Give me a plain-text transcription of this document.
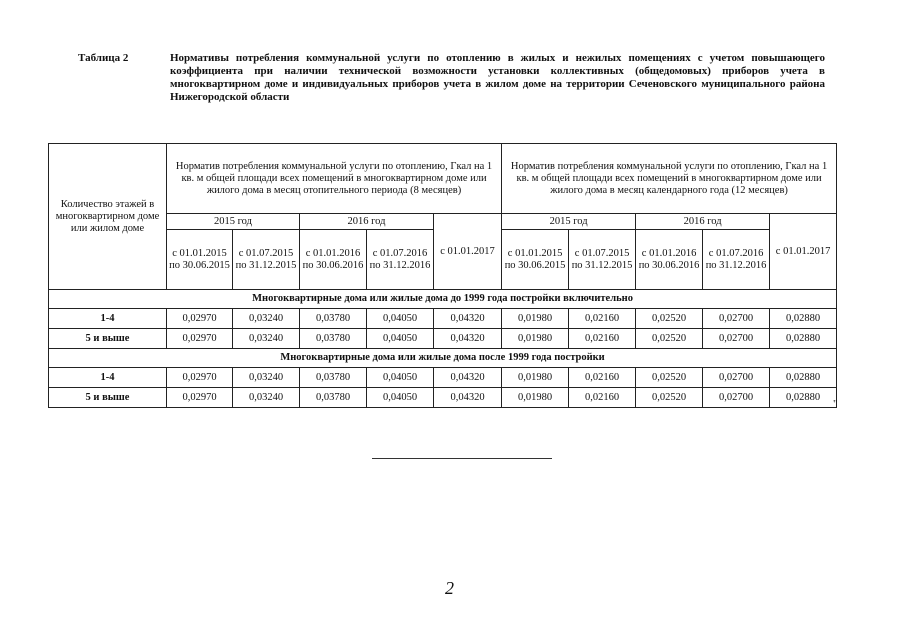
Таблица 2	Нормативы потребления коммунальной услуги по отоплению в жилых и нежилых помещениях с учетом повышающего коэффициента при наличии технической возможности установки коллективных (общедомовых) приборов учета в многоквартирном доме и индивидуальных приборов учета в жилом доме на территории Сеченовского муниципального района Нижегородской области
Количество этажей в многоквартирном доме или жилом доме	Норматив потребления коммунальной услуги по отоплению, Гкал на 1 кв. м общей площади всех помещений в многоквартирном доме или жилого дома в месяц отопительного периода (8 месяцев)					Норматив потребления коммунальной услуги по отоплению, Гкал на 1 кв. м общей площади всех помещений в многоквартирном доме или жилого дома в месяц календарного года (12 месяцев)				
	2015 год		2016 год		с 01.01.2017	2015 год		2016 год		с 01.01.2017
	с 01.01.2015 по 30.06.2015	с 01.07.2015 по 31.12.2015	с 01.01.2016 по 30.06.2016	с 01.07.2016 по 31.12.2016		с 01.01.2015 по 30.06.2015	с 01.07.2015 по 31.12.2015	с 01.01.2016 по 30.06.2016	с 01.07.2016 по 31.12.2016	
Многоквартирные дома или жилые дома до 1999 года постройки включительно										
1-4	0,02970	0,03240	0,03780	0,04050	0,04320	0,01980	0,02160	0,02520	0,02700	0,02880
5 и выше	0,02970	0,03240	0,03780	0,04050	0,04320	0,01980	0,02160	0,02520	0,02700	0,02880
Многоквартирные дома или жилые дома после 1999 года постройки										
1-4	0,02970	0,03240	0,03780	0,04050	0,04320	0,01980	0,02160	0,02520	0,02700	0,02880
5 и выше	0,02970	0,03240	0,03780	0,04050	0,04320	0,01980	0,02160	0,02520	0,02700	0,02880
"
2
